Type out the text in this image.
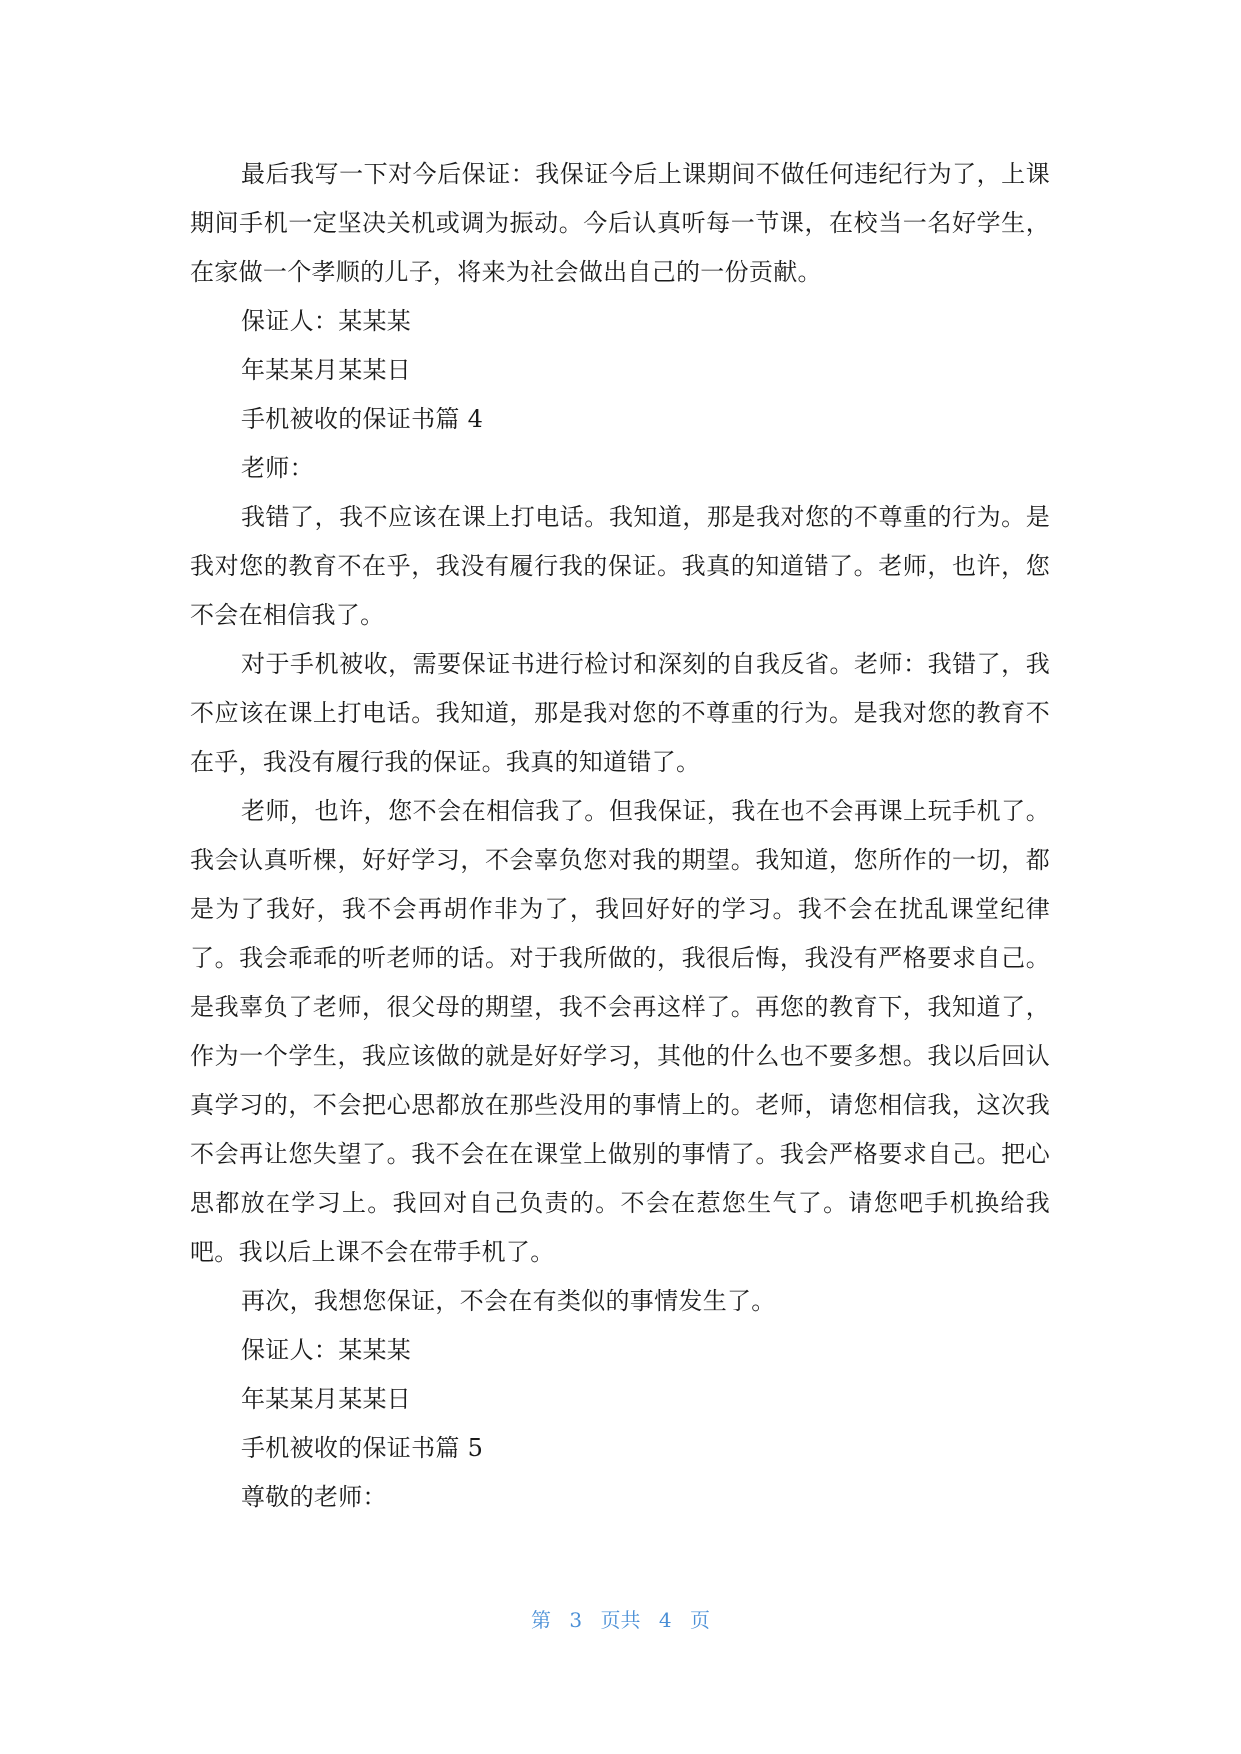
最后我写一下对今后保证：我保证今后上课期间不做任何违纪行为了，上课期间手机一定坚决关机或调为振动。今后认真听每一节课，在校当一名好学生，在家做一个孝顺的儿子，将来为社会做出自己的一份贡献。

保证人：某某某

年某某月某某日

手机被收的保证书篇 4

老师：

我错了，我不应该在课上打电话。我知道，那是我对您的不尊重的行为。是我对您的教育不在乎，我没有履行我的保证。我真的知道错了。老师，也许，您不会在相信我了。

对于手机被收，需要保证书进行检讨和深刻的自我反省。老师：我错了，我不应该在课上打电话。我知道，那是我对您的不尊重的行为。是我对您的教育不在乎，我没有履行我的保证。我真的知道错了。

老师，也许，您不会在相信我了。但我保证，我在也不会再课上玩手机了。我会认真听棵，好好学习，不会辜负您对我的期望。我知道，您所作的一切，都是为了我好，我不会再胡作非为了，我回好好的学习。我不会在扰乱课堂纪律了。我会乖乖的听老师的话。对于我所做的，我很后悔，我没有严格要求自己。是我辜负了老师，很父母的期望，我不会再这样了。再您的教育下，我知道了，作为一个学生，我应该做的就是好好学习，其他的什么也不要多想。我以后回认真学习的，不会把心思都放在那些没用的事情上的。老师，请您相信我，这次我不会再让您失望了。我不会在在课堂上做别的事情了。我会严格要求自己。把心思都放在学习上。我回对自己负责的。不会在惹您生气了。请您吧手机换给我吧。我以后上课不会在带手机了。

再次，我想您保证，不会在有类似的事情发生了。

保证人：某某某

年某某月某某日

手机被收的保证书篇 5

尊敬的老师：

第 3 页共 4 页
